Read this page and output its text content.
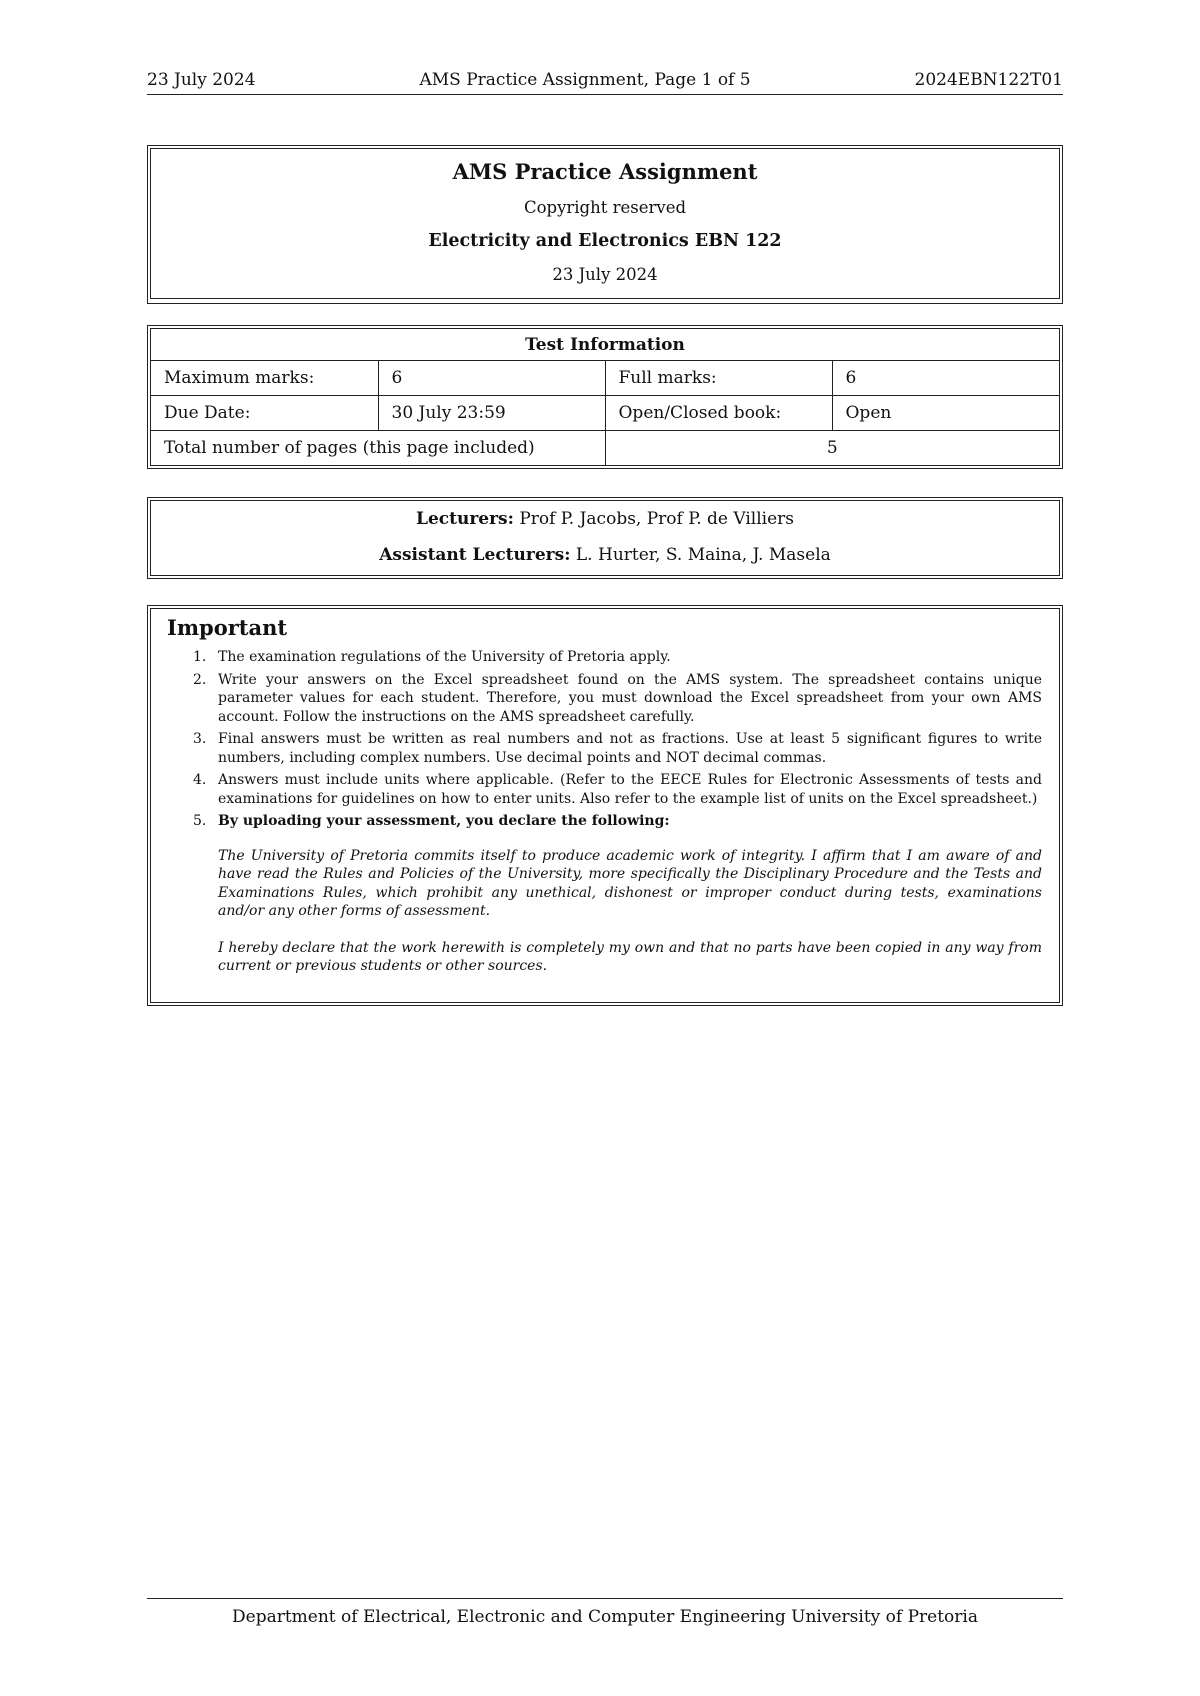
23 July 2024	AMS Practice Assignment, Page 1 of 5	2024EBN122T01
AMS Practice Assignment
Copyright reserved
Electricity and Electronics EBN 122
23 July 2024
Test Information			
Maximum marks:	6	Full marks:	6
Due Date:	30 July 23:59	Open/Closed book:	Open
Total number of pages (this page included)		5	

Lecturers: Prof P. Jacobs, Prof P. de Villiers

Assistant Lecturers: L. Hurter, S. Maina, J. Masela

Important
1. The examination regulations of the University of Pretoria apply.
2. Write your answers on the Excel spreadsheet found on the AMS system. The spreadsheet contains unique parameter values for each student. Therefore, you must download the Excel spreadsheet from your own AMS account. Follow the instructions on the AMS spreadsheet carefully.
3. Final answers must be written as real numbers and not as fractions. Use at least 5 significant figures to write numbers, including complex numbers. Use decimal points and NOT decimal commas.
4. Answers must include units where applicable. (Refer to the EECE Rules for Electronic Assessments of tests and examinations for guidelines on how to enter units. Also refer to the example list of units on the Excel spreadsheet.)
5. By uploading your assessment, you declare the following:

The University of Pretoria commits itself to produce academic work of integrity. I affirm that I am aware of and have read the Rules and Policies of the University, more specifically the Disciplinary Procedure and the Tests and Examinations Rules, which prohibit any unethical, dishonest or improper conduct during tests, examinations and/or any other forms of assessment.

I hereby declare that the work herewith is completely my own and that no parts have been copied in any way from current or previous students or other sources.

Department of Electrical, Electronic and Computer Engineering University of Pretoria
